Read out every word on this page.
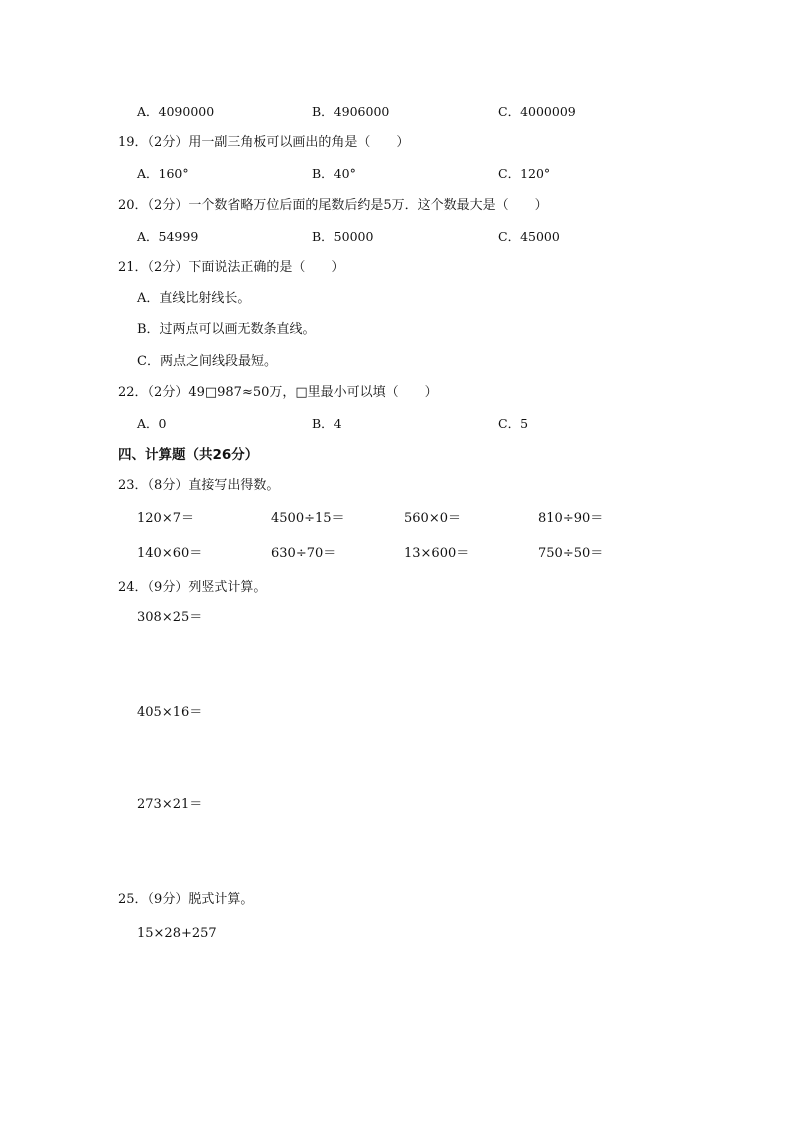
A．4090000	B．4906000	C．4000009
19．（2分）用一副三角板可以画出的角是（　　）
A．160°	B．40°	C．120°
20．（2分）一个数省略万位后面的尾数后约是5万．这个数最大是（　　）
A．54999	B．50000	C．45000
21．（2分）下面说法正确的是（　　）
A．直线比射线长。
B．过两点可以画无数条直线。
C．两点之间线段最短。
22．（2分）49□987≈50万，□里最小可以填（　　）
A．0	B．4	C．5
四、计算题（共26分）
23．（8分）直接写出得数。
120×7＝	4500÷15＝	560×0＝	810÷90＝
140×60＝	630÷70＝	13×600＝	750÷50＝
24．（9分）列竖式计算。
308×25＝
405×16＝
273×21＝
25．（9分）脱式计算。
15×28+257
